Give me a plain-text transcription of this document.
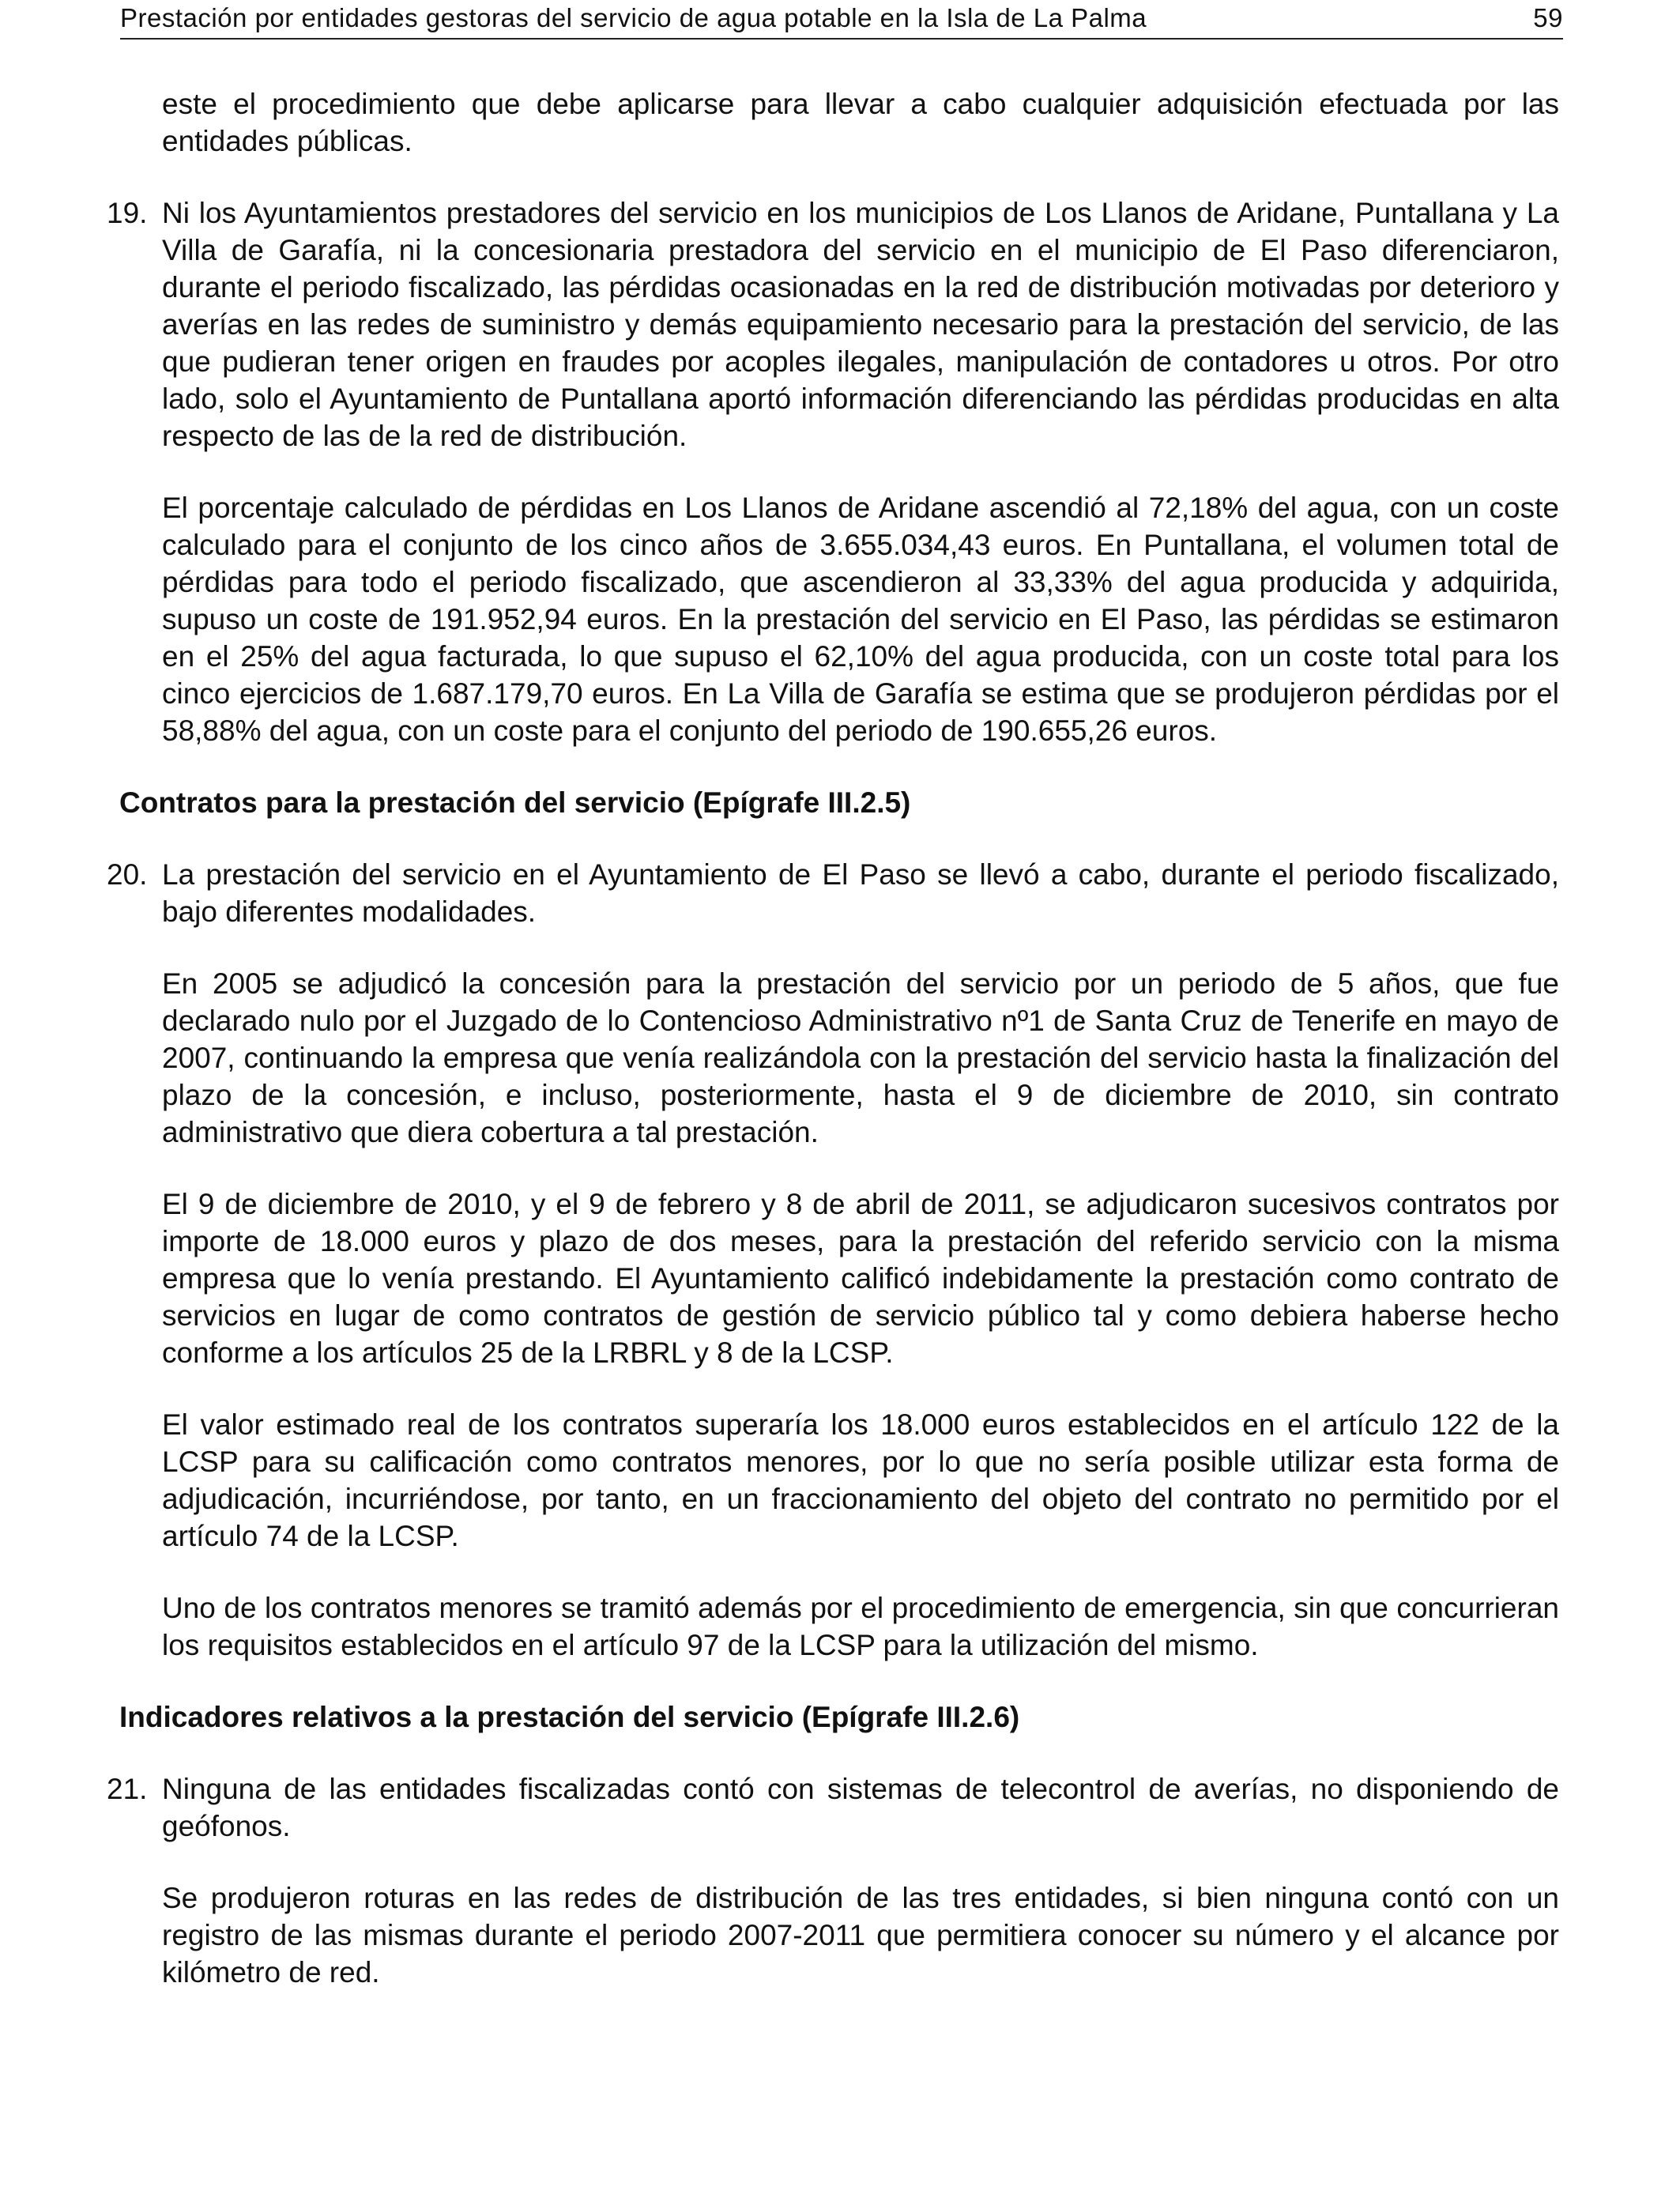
Prestación por entidades gestoras del servicio de agua potable en la Isla de La Palma	59
este el procedimiento que debe aplicarse para llevar a cabo cualquier adquisición efectuada por las entidades públicas.
19. Ni los Ayuntamientos prestadores del servicio en los municipios de Los Llanos de Aridane, Puntallana y La Villa de Garafía, ni la concesionaria prestadora del servicio en el municipio de El Paso diferenciaron, durante el periodo fiscalizado, las pérdidas ocasionadas en la red de distribución motivadas por deterioro y averías en las redes de suministro y demás equipamiento necesario para la prestación del servicio, de las que pudieran tener origen en fraudes por acoples ilegales, manipulación de contadores u otros. Por otro lado, solo el Ayuntamiento de Puntallana aportó información diferenciando las pérdidas producidas en alta respecto de las de la red de distribución.
El porcentaje calculado de pérdidas en Los Llanos de Aridane ascendió al 72,18% del agua, con un coste calculado para el conjunto de los cinco años de 3.655.034,43 euros. En Puntallana, el volumen total de pérdidas para todo el periodo fiscalizado, que ascendieron al 33,33% del agua producida y adquirida, supuso un coste de 191.952,94 euros. En la prestación del servicio en El Paso, las pérdidas se estimaron en el 25% del agua facturada, lo que supuso el 62,10% del agua producida, con un coste total para los cinco ejercicios de 1.687.179,70 euros. En La Villa de Garafía se estima que se produjeron pérdidas por el 58,88% del agua, con un coste para el conjunto del periodo de 190.655,26 euros.
Contratos para la prestación del servicio (Epígrafe III.2.5)
20. La prestación del servicio en el Ayuntamiento de El Paso se llevó a cabo, durante el periodo fiscalizado, bajo diferentes modalidades.
En 2005 se adjudicó la concesión para la prestación del servicio por un periodo de 5 años, que fue declarado nulo por el Juzgado de lo Contencioso Administrativo nº1 de Santa Cruz de Tenerife en mayo de 2007, continuando la empresa que venía realizándola con la prestación del servicio hasta la finalización del plazo de la concesión, e incluso, posteriormente, hasta el 9 de diciembre de 2010, sin contrato administrativo que diera cobertura a tal prestación.
El 9 de diciembre de 2010, y el 9 de febrero y 8 de abril de 2011, se adjudicaron sucesivos contratos por importe de 18.000 euros y plazo de dos meses, para la prestación del referido servicio con la misma empresa que lo venía prestando. El Ayuntamiento calificó indebidamente la prestación como contrato de servicios en lugar de como contratos de gestión de servicio público tal y como debiera haberse hecho conforme a los artículos 25 de la LRBRL y 8 de la LCSP.
El valor estimado real de los contratos superaría los 18.000 euros establecidos en el artículo 122 de la LCSP para su calificación como contratos menores, por lo que no sería posible utilizar esta forma de adjudicación, incurriéndose, por tanto, en un fraccionamiento del objeto del contrato no permitido por el artículo 74 de la LCSP.
Uno de los contratos menores se tramitó además por el procedimiento de emergencia, sin que concurrieran los requisitos establecidos en el artículo 97 de la LCSP para la utilización del mismo.
Indicadores relativos a la prestación del servicio (Epígrafe III.2.6)
21. Ninguna de las entidades fiscalizadas contó con sistemas de telecontrol de averías, no disponiendo de geófonos.
Se produjeron roturas en las redes de distribución de las tres entidades, si bien ninguna contó con un registro de las mismas durante el periodo 2007-2011 que permitiera conocer su número y el alcance por kilómetro de red.
